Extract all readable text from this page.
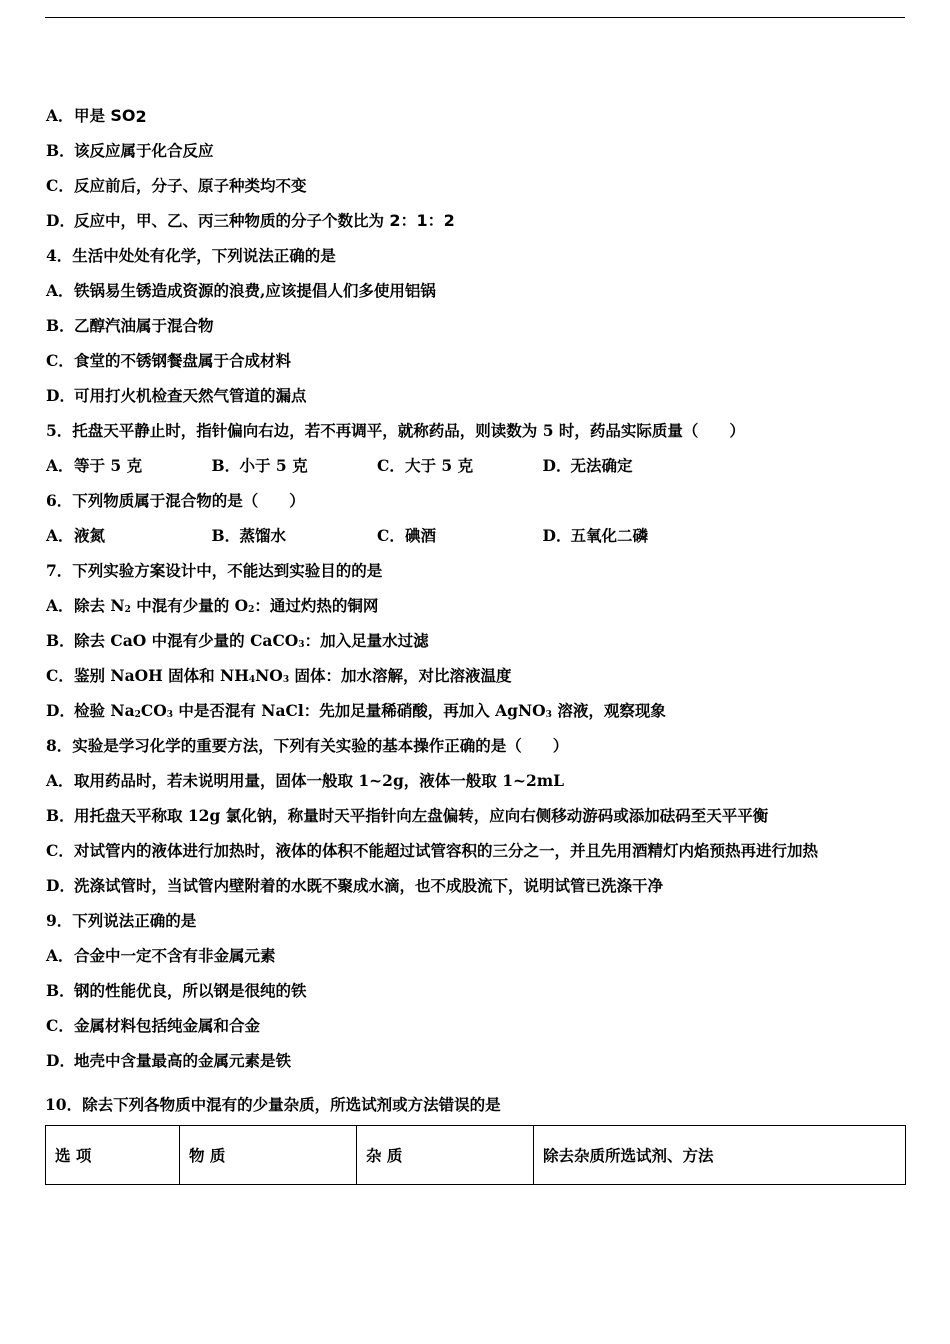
A．甲是 $SO_2$
B．该反应属于化合反应
C．反应前后，分子、原子种类均不变
D．反应中，甲、乙、丙三种物质的分子个数比为 2：1：2
4．生活中处处有化学，下列说法正确的是
A．铁锅易生锈造成资源的浪费,应该提倡人们多使用铝锅
B．乙醇汽油属于混合物
C．食堂的不锈钢餐盘属于合成材料
D．可用打火机检查天然气管道的漏点
5．托盘天平静止时，指针偏向右边，若不再调平，就称药品，则读数为 5 时，药品实际质量（　　）
A．等于 5 克	B．小于 5 克	C．大于 5 克	D．无法确定
6．下列物质属于混合物的是（　　）
A．液氮	B．蒸馏水	C．碘酒	D．五氧化二磷
7．下列实验方案设计中，不能达到实验目的的是
A．除去 $N_2$ 中混有少量的 $O_2$：通过灼热的铜网
B．除去 CaO 中混有少量的 CaCO$_3$：加入足量水过滤
C．鉴别 NaOH 固体和 $NH_4NO_3$ 固体：加水溶解，对比溶液温度
D．检验 $Na_2CO_3$ 中是否混有 NaCl：先加足量稀硝酸，再加入 AgNO$_3$ 溶液，观察现象
8．实验是学习化学的重要方法，下列有关实验的基本操作正确的是（　　）
A．取用药品时，若未说明用量，固体一般取 1~2g，液体一般取 1~2mL
B．用托盘天平称取 12g 氯化钠，称量时天平指针向左盘偏转，应向右侧移动游码或添加砝码至天平平衡
C．对试管内的液体进行加热时，液体的体积不能超过试管容积的三分之一，并且先用酒精灯内焰预热再进行加热
D．洗涤试管时，当试管内壁附着的水既不聚成水滴，也不成股流下，说明试管已洗涤干净
9．下列说法正确的是
A．合金中一定不含有非金属元素
B．钢的性能优良，所以钢是很纯的铁
C．金属材料包括纯金属和合金
D．地壳中含量最高的金属元素是铁
10．除去下列各物质中混有的少量杂质，所选试剂或方法错误的是
选 项	物 质	杂 质	除去杂质所选试剂、方法
